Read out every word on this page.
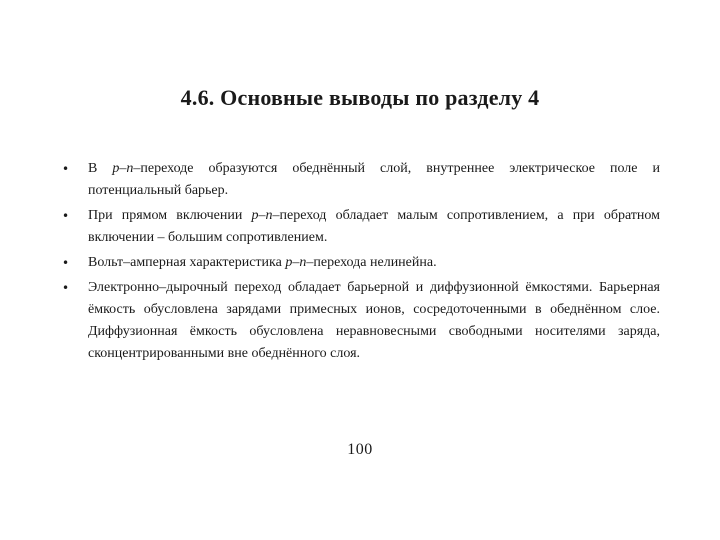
4.6. Основные выводы по разделу 4
• В р–n–переходе образуются обеднённый слой, внутреннее электрическое поле и потенциальный барьер.
• При прямом включении р–n–переход обладает малым сопротивлением, а при обратном включении – большим сопротивлением.
• Вольт–амперная характеристика р–n–перехода нелинейна.
• Электронно–дырочный переход обладает барьерной и диффузионной ёмкостями. Барьерная ёмкость обусловлена зарядами примесных ионов, сосредоточенными в обеднённом слое. Диффузионная ёмкость обусловлена неравновесными свободными носителями заряда, сконцентрированными вне обеднённого слоя.
100
